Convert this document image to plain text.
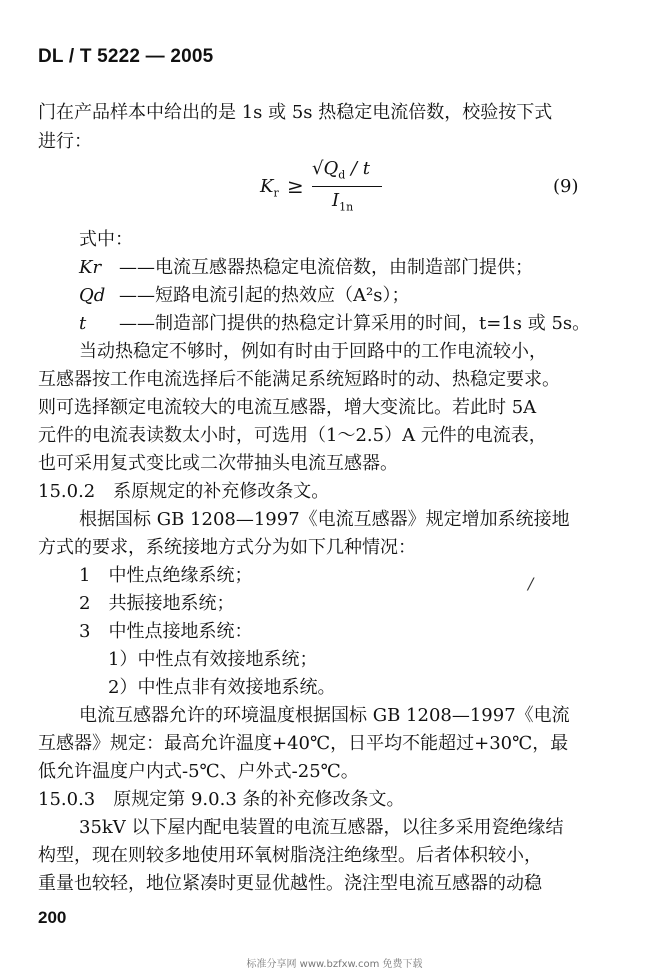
DL / T 5222 — 2005
门在产品样本中给出的是 1s 或 5s 热稳定电流倍数，校验按下式
进行：
$K_r$ ≥
$√Q_d$ / t
$I_{1n}$
(9)
式中：
Kr ——电流互感器热稳定电流倍数，由制造部门提供；
Qd ——短路电流引起的热效应（A²s）；
t ——制造部门提供的热稳定计算采用的时间，t=1s 或 5s。
当动热稳定不够时，例如有时由于回路中的工作电流较小，
互感器按工作电流选择后不能满足系统短路时的动、热稳定要求。
则可选择额定电流较大的电流互感器，增大变流比。若此时 5A
元件的电流表读数太小时，可选用（1～2.5）A 元件的电流表，
也可采用复式变比或二次带抽头电流互感器。
15.0.2　系原规定的补充修改条文。
根据国标 GB 1208—1997《电流互感器》规定增加系统接地
方式的要求，系统接地方式分为如下几种情况：
1　中性点绝缘系统；
2　共振接地系统；
3　中性点接地系统：
1）中性点有效接地系统；
2）中性点非有效接地系统。
电流互感器允许的环境温度根据国标 GB 1208—1997《电流
互感器》规定：最高允许温度+40℃，日平均不能超过+30℃，最
低允许温度户内式-5℃、户外式-25℃。
15.0.3　原规定第 9.0.3 条的补充修改条文。
35kV 以下屋内配电装置的电流互感器，以往多采用瓷绝缘结
构型，现在则较多地使用环氧树脂浇注绝缘型。后者体积较小，
重量也较轻，地位紧凑时更显优越性。浇注型电流互感器的动稳
/
200
标准分享网 www.bzfxw.com 免费下载
